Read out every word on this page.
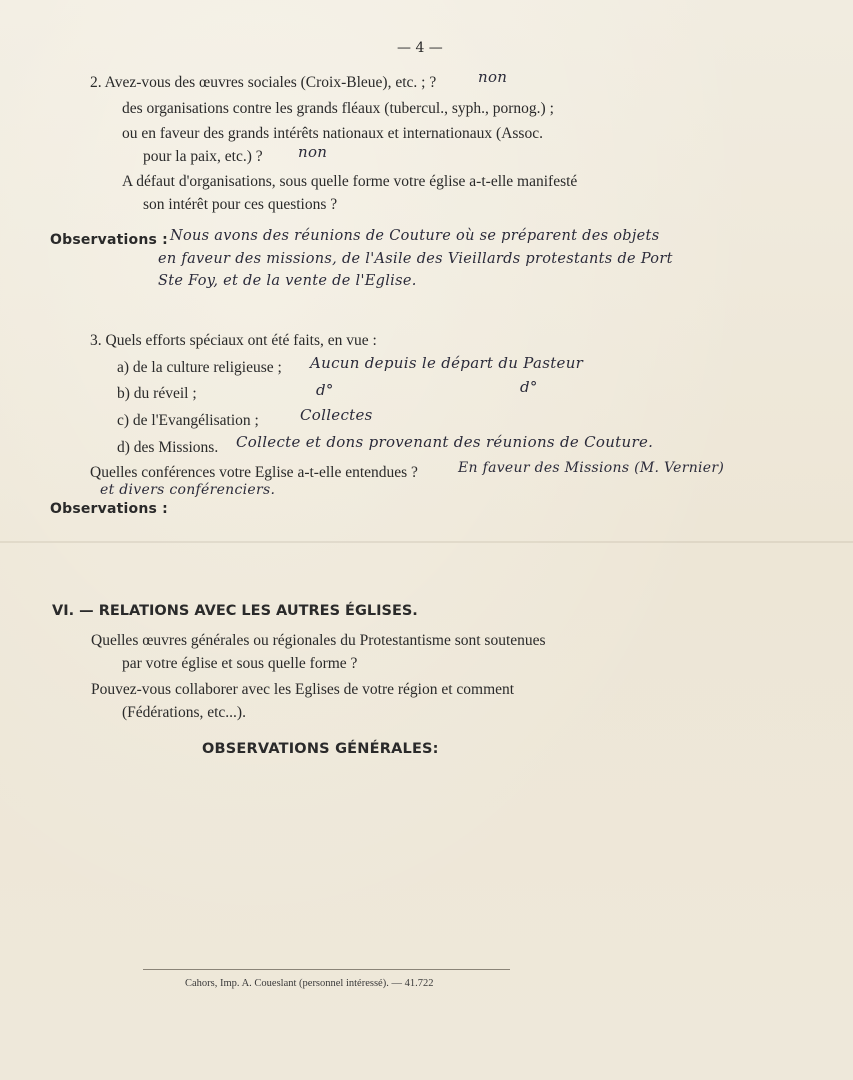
— 4 —
2. Avez-vous des œuvres sociales (Croix-Bleue), etc. ; ?	non
des organisations contre les grands fléaux (tubercul., syph., pornog.) ;
ou en faveur des grands intérêts nationaux et internationaux (Assoc.
pour la paix, etc.) ? non
A défaut d'organisations, sous quelle forme votre église a-t-elle manifesté
son intérêt pour ces questions ?
Observations : Nous avons des réunions de Couture où se préparent des objets
en faveur des missions, de l'Asile des Vieillards protestants de Port
Ste Foy, et de la vente de l'Eglise.
3. Quels efforts spéciaux ont été faits, en vue :
a) de la culture religieuse ; Aucun depuis le départ du Pasteur
b) du réveil ;	d°	d°
c) de l'Evangélisation ;	Collectes
d) des Missions. Collecte et dons provenant des réunions de Couture.
Quelles conférences votre Eglise a-t-elle entendues ?	En faveur des Missions (M. Vernier)
et divers conférenciers.
Observations :
VI. — RELATIONS AVEC LES AUTRES ÉGLISES.
Quelles œuvres générales ou régionales du Protestantisme sont soutenues
par votre église et sous quelle forme ?
Pouvez-vous collaborer avec les Eglises de votre région et comment
(Fédérations, etc...).
OBSERVATIONS GÉNÉRALES:
Cahors, Imp. A. Coueslant (personnel intéressé). — 41.722
